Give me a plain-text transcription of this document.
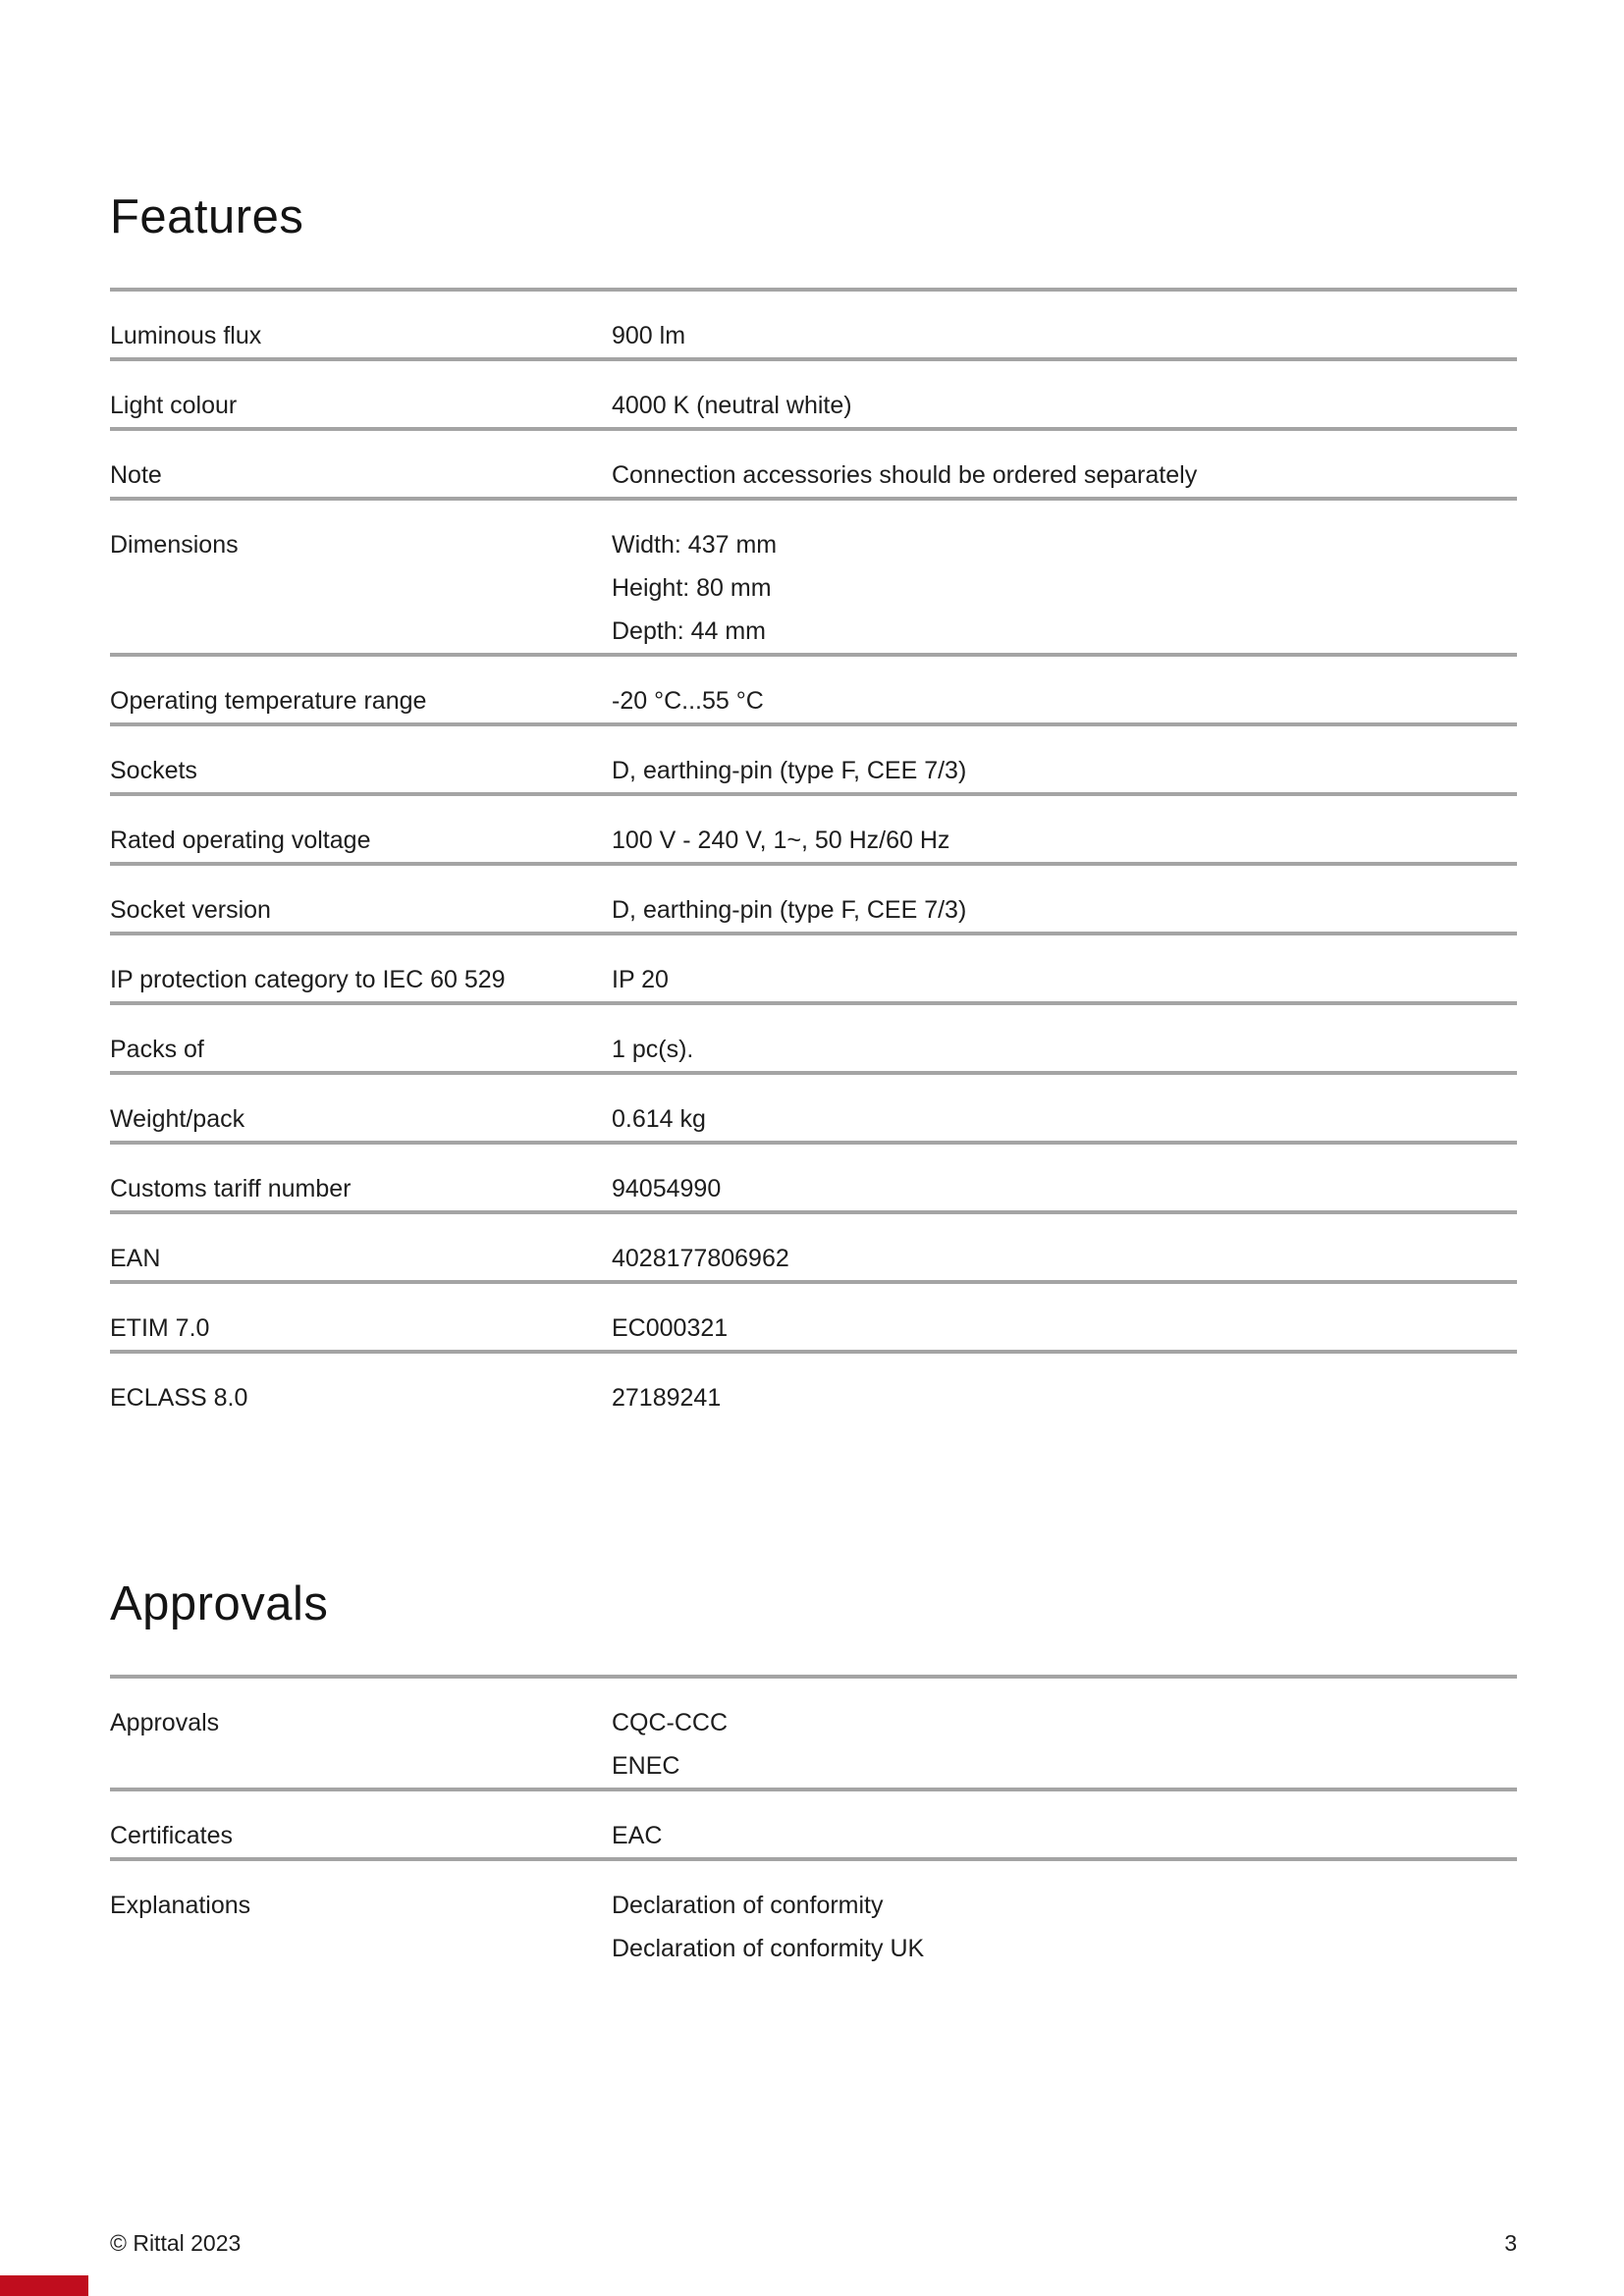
Features
Luminous flux	900 lm
Light colour	4000 K (neutral white)
Note	Connection accessories should be ordered separately
Dimensions	Width: 437 mm
Height: 80 mm
Depth: 44 mm
Operating temperature range	-20 °C...55 °C
Sockets	D, earthing-pin (type F, CEE 7/3)
Rated operating voltage	100 V - 240 V, 1~, 50 Hz/60 Hz
Socket version	D, earthing-pin (type F, CEE 7/3)
IP protection category to IEC 60 529	IP 20
Packs of	1 pc(s).
Weight/pack	0.614 kg
Customs tariff number	94054990
EAN	4028177806962
ETIM 7.0	EC000321
ECLASS 8.0	27189241
Approvals
Approvals	CQC-CCC
ENEC
Certificates	EAC
Explanations	Declaration of conformity
Declaration of conformity UK
© Rittal 2023	3
